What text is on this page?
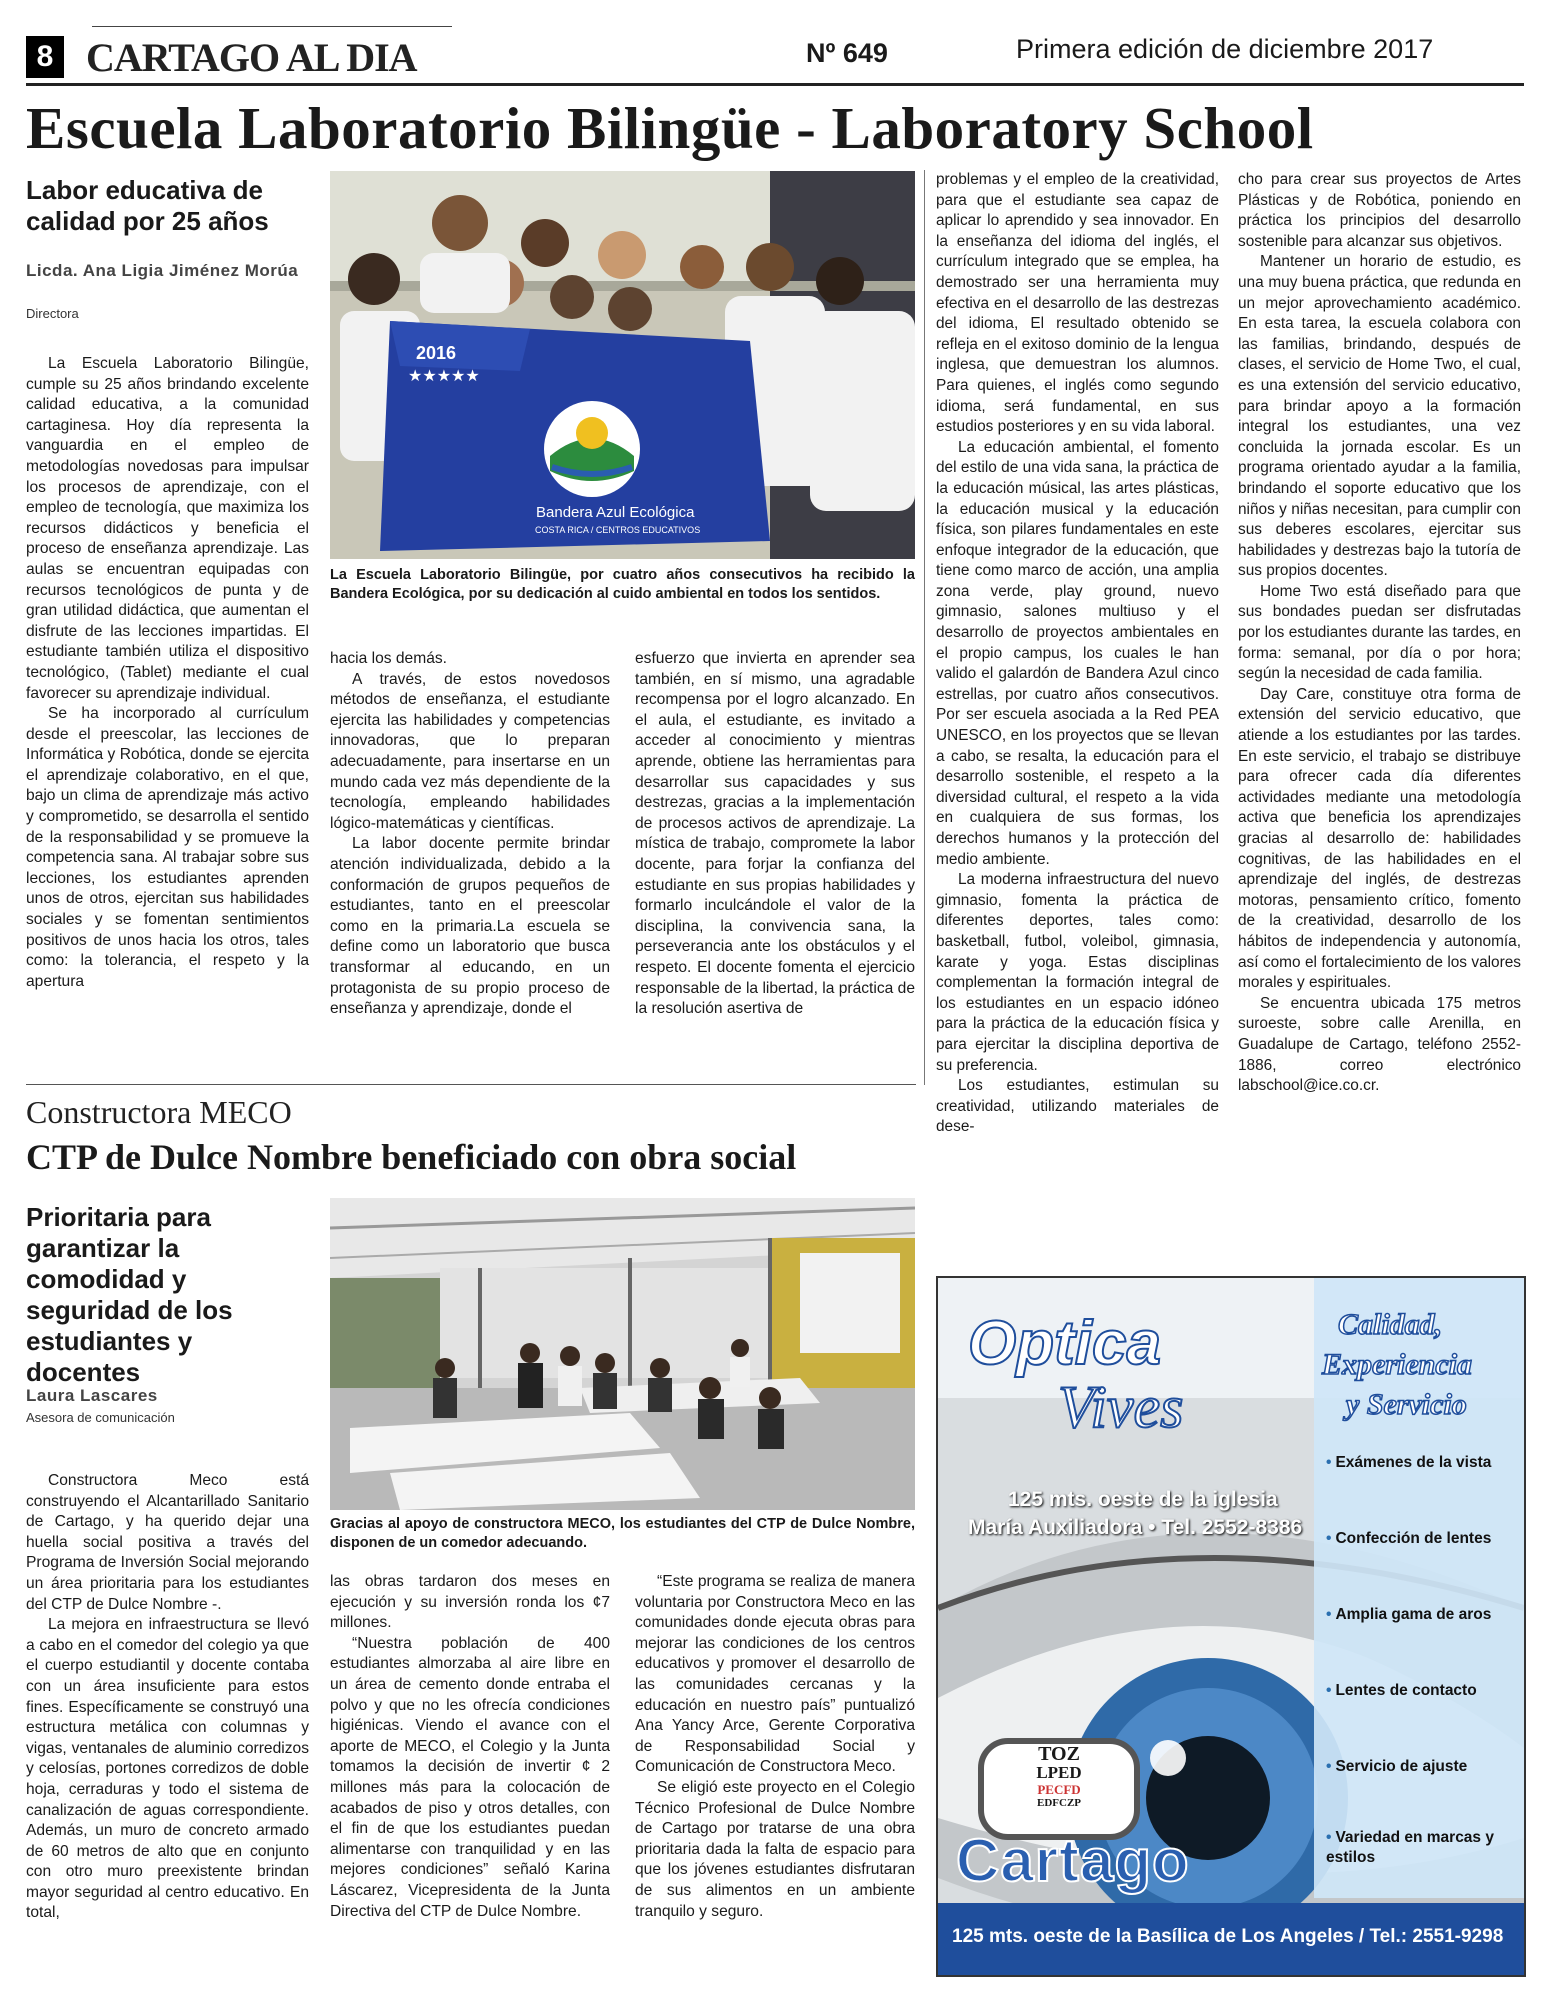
8 CARTAGO AL DIA	Nº 649	Primera edición de diciembre 2017
Escuela Laboratorio Bilingüe - Laboratory School
Labor educativa de calidad por 25 años
Licda. Ana Ligia Jiménez Morúa
Directora
2016
★★★★★
Bandera Azul Ecológica
COSTA RICA / CENTROS EDUCATIVOS
La Escuela Laboratorio Bilingüe, por cuatro años consecutivos ha recibido la Bandera Ecológica, por su dedicación al cuido ambiental en todos los sentidos.

La Escuela Laboratorio Bilingüe, cumple su 25 años brindando excelente calidad educativa, a la comunidad cartaginesa. Hoy día representa la vanguardia en el empleo de metodologías novedosas para impulsar los procesos de aprendizaje, con el empleo de tecnología, que maximiza los recursos didácticos y beneficia el proceso de enseñanza aprendizaje. Las aulas se encuentran equipadas con recursos tecnológicos de punta y de gran utilidad didáctica, que aumentan el disfrute de las lecciones impartidas. El estudiante también utiliza el dispositivo tecnológico, (Tablet) mediante el cual favorecer su aprendizaje individual.

Se ha incorporado al currículum desde el preescolar, las lecciones de Informática y Robótica, donde se ejercita el aprendizaje colaborativo, en el que, bajo un clima de aprendizaje más activo y comprometido, se desarrolla el sentido de la responsabilidad y se promueve la competencia sana. Al trabajar sobre sus lecciones, los estudiantes aprenden unos de otros, ejercitan sus habilidades sociales y se fomentan sentimientos positivos de unos hacia los otros, tales como: la tolerancia, el respeto y la apertura

hacia los demás.

A través, de estos novedosos métodos de enseñanza, el estudiante ejercita las habilidades y competencias innovadoras, que lo preparan adecuadamente, para insertarse en un mundo cada vez más dependiente de la tecnología, empleando habilidades lógico-matemáticas y científicas.

La labor docente permite brindar atención individualizada, debido a la conformación de grupos pequeños de estudiantes, tanto en el preescolar como en la primaria.La escuela se define como un laboratorio que busca transformar al educando, en un protagonista de su propio proceso de enseñanza y aprendizaje, donde el

esfuerzo que invierta en aprender sea también, en sí mismo, una agradable recompensa por el logro alcanzado. En el aula, el estudiante, es invitado a acceder al conocimiento y mientras aprende, obtiene las herramientas para desarrollar sus capacidades y sus destrezas, gracias a la implementación de procesos activos de aprendizaje. La mística de trabajo, compromete la labor docente, para forjar la confianza del estudiante en sus propias habilidades y formarlo inculcándole el valor de la disciplina, la convivencia sana, la perseverancia ante los obstáculos y el respeto. El docente fomenta el ejercicio responsable de la libertad, la práctica de la resolución asertiva de

problemas y el empleo de la creatividad, para que el estudiante sea capaz de aplicar lo aprendido y sea innovador. En la enseñanza del idioma del inglés, el currículum integrado que se emplea, ha demostrado ser una herramienta muy efectiva en el desarrollo de las destrezas del idioma, El resultado obtenido se refleja en el exitoso dominio de la lengua inglesa, que demuestran los alumnos. Para quienes, el inglés como segundo idioma, será fundamental, en sus estudios posteriores y en su vida laboral.

La educación ambiental, el fomento del estilo de una vida sana, la práctica de la educación músical, las artes plásticas, la educación musical y la educación física, son pilares fundamentales en este enfoque integrador de la educación, que tiene como marco de acción, una amplia zona verde, play ground, nuevo gimnasio, salones multiuso y el desarrollo de proyectos ambientales en el propio campus, los cuales le han valido el galardón de Bandera Azul cinco estrellas, por cuatro años consecutivos. Por ser escuela asociada a la Red PEA UNESCO, en los proyectos que se llevan a cabo, se resalta, la educación para el desarrollo sostenible, el respeto a la diversidad cultural, el respeto a la vida en cualquiera de sus formas, los derechos humanos y la protección del medio ambiente.

La moderna infraestructura del nuevo gimnasio, fomenta la práctica de diferentes deportes, tales como: basketball, futbol, voleibol, gimnasia, karate y yoga. Estas disciplinas complementan la formación integral de los estudiantes en un espacio idóneo para la práctica de la educación física y para ejercitar la disciplina deportiva de su preferencia.

Los estudiantes, estimulan su creatividad, utilizando materiales de dese-

cho para crear sus proyectos de Artes Plásticas y de Robótica, poniendo en práctica los principios del desarrollo sostenible para alcanzar sus objetivos.

Mantener un horario de estudio, es una muy buena práctica, que redunda en un mejor aprovechamiento académico. En esta tarea, la escuela colabora con las familias, brindando, después de clases, el servicio de Home Two, el cual, es una extensión del servicio educativo, para brindar apoyo a la formación integral los estudiantes, una vez concluida la jornada escolar. Es un programa orientado ayudar a la familia, brindando el soporte educativo que los niños y niñas necesitan, para cumplir con sus deberes escolares, ejercitar sus habilidades y destrezas bajo la tutoría de sus propios docentes.

Home Two está diseñado para que sus bondades puedan ser disfrutadas por los estudiantes durante las tardes, en forma: semanal, por día o por hora; según la necesidad de cada familia.

Day Care, constituye otra forma de extensión del servicio educativo, que atiende a los estudiantes por las tardes. En este servicio, el trabajo se distribuye para ofrecer cada día diferentes actividades mediante una metodología activa que beneficia los aprendizajes gracias al desarrollo de: habilidades cognitivas, de las habilidades en el aprendizaje del inglés, de destrezas motoras, pensamiento crítico, fomento de la creatividad, desarrollo de los hábitos de independencia y autonomía, así como el fortalecimiento de los valores morales y espirituales.

Se encuentra ubicada 175 metros suroeste, sobre calle Arenilla, en Guadalupe de Cartago, teléfono 2552-1886, correo electrónico labschool@ice.co.cr.

Constructora MECO
CTP de Dulce Nombre beneficiado con obra social
Prioritaria para garantizar la comodidad y seguridad de los estudiantes y docentes
Laura Lascares
Asesora de comunicación
Gracias al apoyo de constructora MECO, los estudiantes del CTP de Dulce Nombre, disponen de un comedor adecuando.

Constructora Meco está construyendo el Alcantarillado Sanitario de Cartago, y ha querido dejar una huella social positiva a través del Programa de Inversión Social mejorando un área prioritaria para los estudiantes del CTP de Dulce Nombre -.

La mejora en infraestructura se llevó a cabo en el comedor del colegio ya que el cuerpo estudiantil y docente contaba con un área insuficiente para estos fines. Específicamente se construyó una estructura metálica con columnas y vigas, ventanales de aluminio corredizos y celosías, portones corredizos de doble hoja, cerraduras y todo el sistema de canalización de aguas correspondiente. Además, un muro de concreto armado de 60 metros de alto que en conjunto con otro muro preexistente brindan mayor seguridad al centro educativo. En total,

las obras tardaron dos meses en ejecución y su inversión ronda los ¢7 millones.

“Nuestra población de 400 estudiantes almorzaba al aire libre en un área de cemento donde entraba el polvo y que no les ofrecía condiciones higiénicas. Viendo el avance con el aporte de MECO, el Colegio y la Junta tomamos la decisión de invertir ¢ 2 millones más para la colocación de acabados de piso y otros detalles, con el fin de que los estudiantes puedan alimentarse con tranquilidad y en las mejores condiciones” señaló Karina Láscarez, Vicepresidenta de la Junta Directiva del CTP de Dulce Nombre.

“Este programa se realiza de manera voluntaria por Constructora Meco en las comunidades donde ejecuta obras para mejorar las condiciones de los centros educativos y promover el desarrollo de las comunidades cercanas y la educación en nuestro país” puntualizó Ana Yancy Arce, Gerente Corporativa de Responsabilidad Social y Comunicación de Constructora Meco.

Se eligió este proyecto en el Colegio Técnico Profesional de Dulce Nombre de Cartago por tratarse de una obra prioritaria dada la falta de espacio para que los jóvenes estudiantes disfrutaran de sus alimentos en un ambiente tranquilo y seguro.

Optica
Vives
Calidad,
Experiencia
y Servicio
• Exámenes de la vista
• Confección de lentes
• Amplia gama de aros
• Lentes de contacto
• Servicio de ajuste
• Variedad en marcas y estilos
125 mts. oeste de la iglesia
María Auxiliadora • Tel. 2552-8386
TOZ
LPED
PECFD
EDFCZP
Cartago
125 mts. oeste de la Basílica de Los Angeles / Tel.: 2551-9298
